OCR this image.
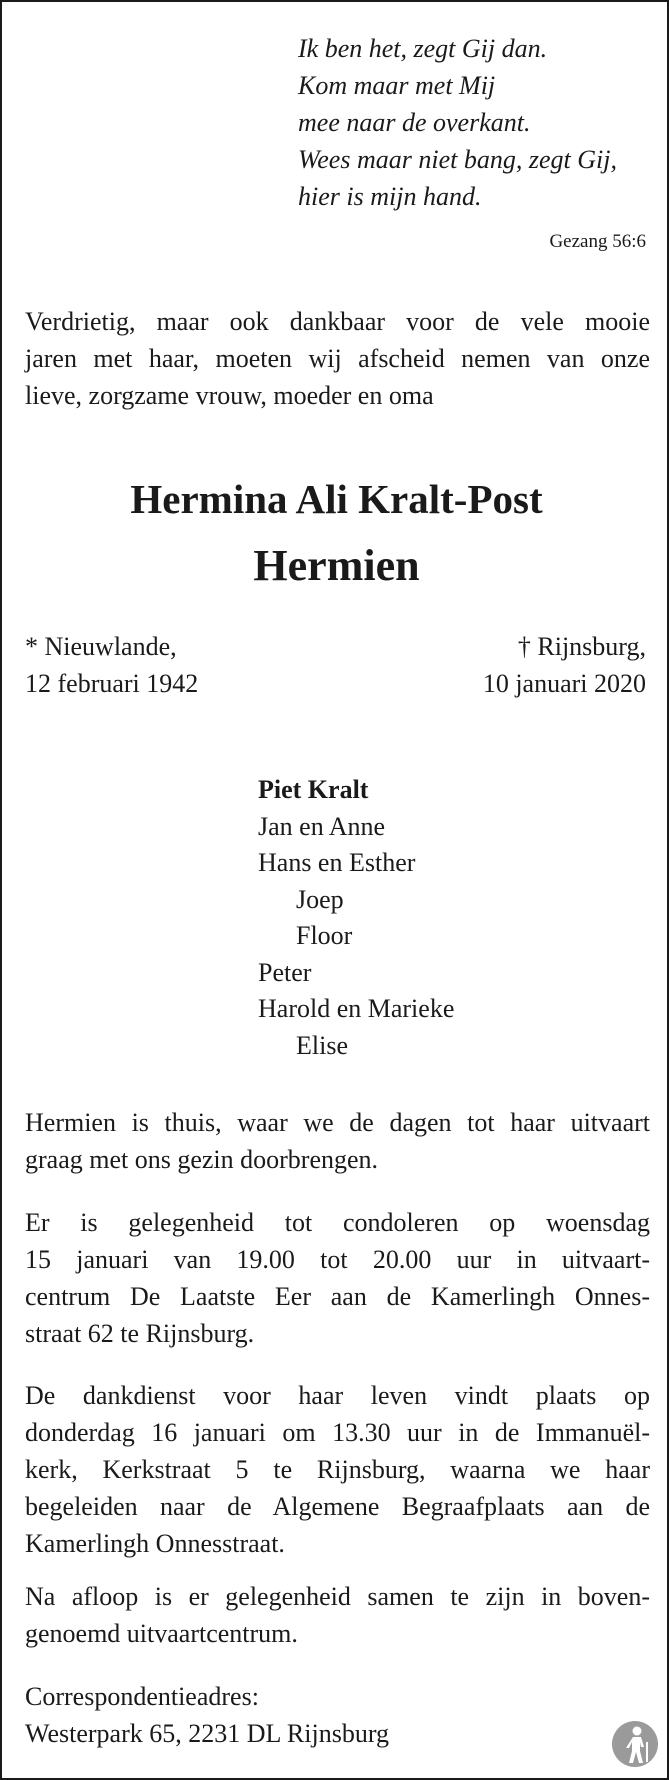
Ik ben het, zegt Gij dan.
Kom maar met Mij
mee naar de overkant.
Wees maar niet bang, zegt Gij,
hier is mijn hand.
Gezang 56:6
Verdrietig, maar ook dankbaar voor de vele mooie
jaren met haar, moeten wij afscheid nemen van onze
lieve, zorgzame vrouw, moeder en oma
Hermina Ali Kralt-Post
Hermien
* Nieuwlande,
12 februari 1942
† Rijnsburg,
10 januari 2020
Piet Kralt
Jan en Anne
Hans en Esther
Joep
Floor
Peter
Harold en Marieke
Elise
Hermien is thuis, waar we de dagen tot haar uitvaart
graag met ons gezin doorbrengen.
Er is gelegenheid tot condoleren op woensdag
15 januari van 19.00 tot 20.00 uur in uitvaart-
centrum De Laatste Eer aan de Kamerlingh Onnes-
straat 62 te Rijnsburg.
De dankdienst voor haar leven vindt plaats op
donderdag 16 januari om 13.30 uur in de Immanuël-
kerk, Kerkstraat 5 te Rijnsburg, waarna we haar
begeleiden naar de Algemene Begraafplaats aan de
Kamerlingh Onnesstraat.
Na afloop is er gelegenheid samen te zijn in boven-
genoemd uitvaartcentrum.
Correspondentieadres:
Westerpark 65, 2231 DL Rijnsburg
